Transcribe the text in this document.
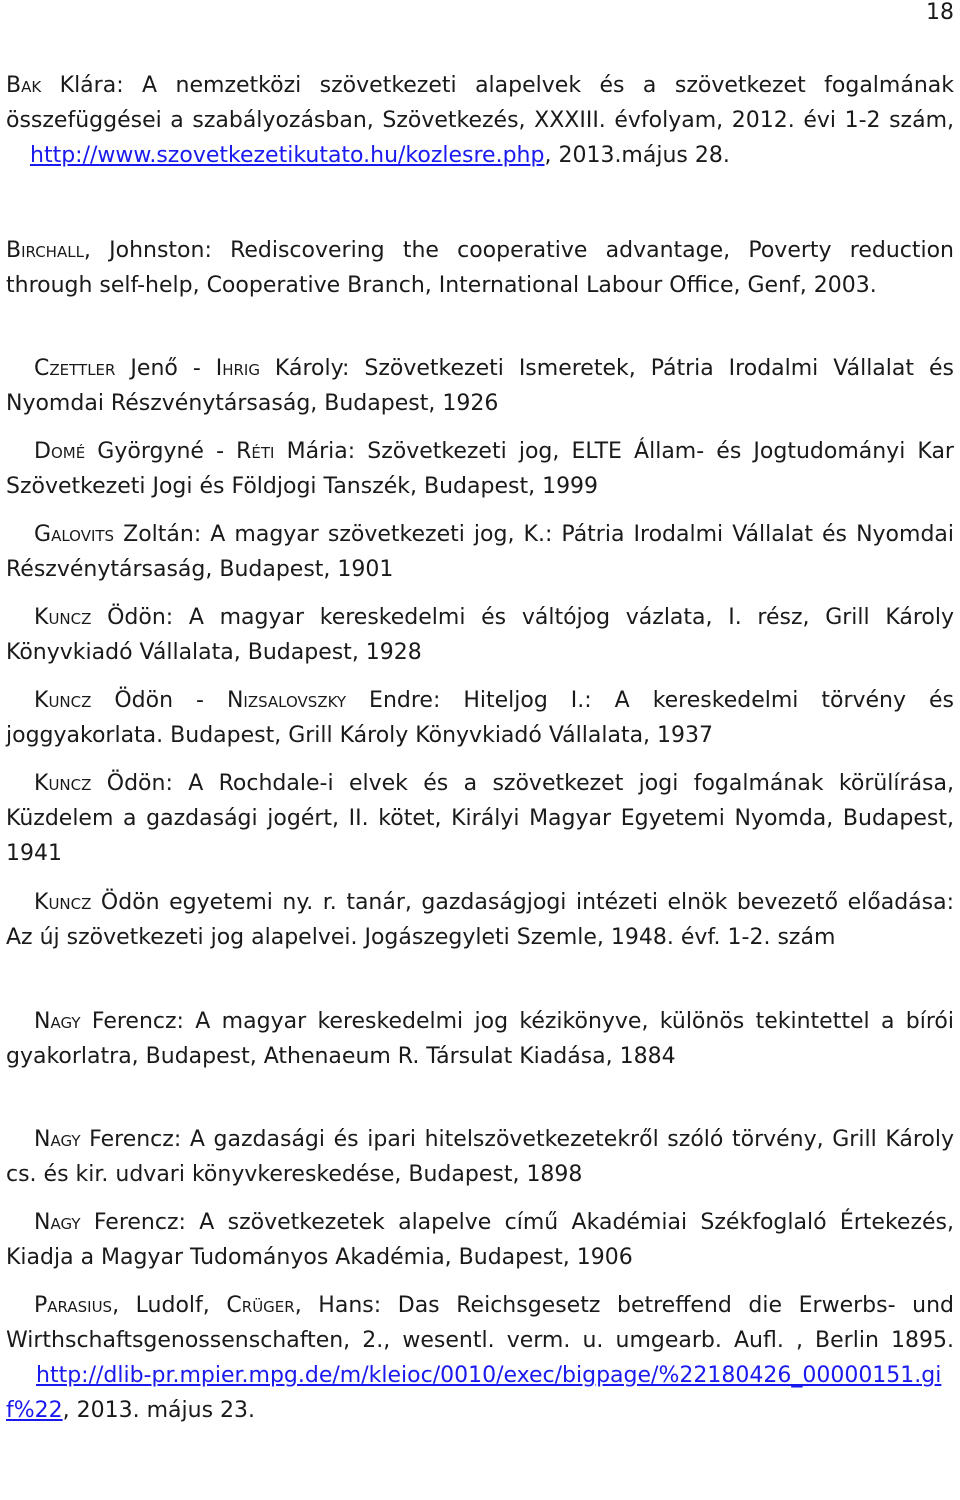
18

Bak Klára: A nemzetközi szövetkezeti alapelvek és a szövetkezet fogalmának összefüggései a szabályozásban, Szövetkezés, XXXIII. évfolyam, 2012. évi 1-2 szám, http://www.szovetkezetikutato.hu/kozlesre.php, 2013.május 28.

Birchall, Johnston: Rediscovering the cooperative advantage, Poverty reduction through self-help, Cooperative Branch, International Labour Office, Genf, 2003.

Czettler Jenő - Ihrig Károly: Szövetkezeti Ismeretek, Pátria Irodalmi Vállalat és Nyomdai Részvénytársaság, Budapest, 1926

Domé Györgyné - Réti Mária: Szövetkezeti jog, ELTE Állam- és Jogtudományi Kar Szövetkezeti Jogi és Földjogi Tanszék, Budapest, 1999

Galovits Zoltán: A magyar szövetkezeti jog, K.: Pátria Irodalmi Vállalat és Nyomdai Részvénytársaság, Budapest, 1901

Kuncz Ödön: A magyar kereskedelmi és váltójog vázlata, I. rész, Grill Károly Könyvkiadó Vállalata, Budapest, 1928

Kuncz Ödön - Nizsalovszky Endre: Hiteljog I.: A kereskedelmi törvény és joggyakorlata. Budapest, Grill Károly Könyvkiadó Vállalata, 1937

Kuncz Ödön: A Rochdale-i elvek és a szövetkezet jogi fogalmának körülírása, Küzdelem a gazdasági jogért, II. kötet, Királyi Magyar Egyetemi Nyomda, Budapest, 1941

Kuncz Ödön egyetemi ny. r. tanár, gazdaságjogi intézeti elnök bevezető előadása: Az új szövetkezeti jog alapelvei. Jogászegyleti Szemle, 1948. évf. 1-2. szám

Nagy Ferencz: A magyar kereskedelmi jog kézikönyve, különös tekintettel a bírói gyakorlatra, Budapest, Athenaeum R. Társulat Kiadása, 1884

Nagy Ferencz: A gazdasági és ipari hitelszövetkezetekről szóló törvény, Grill Károly cs. és kir. udvari könyvkereskedése, Budapest, 1898

Nagy Ferencz: A szövetkezetek alapelve című Akadémiai Székfoglaló Értekezés, Kiadja a Magyar Tudományos Akadémia, Budapest, 1906

Parasius, Ludolf, Crüger, Hans: Das Reichsgesetz betreffend die Erwerbs- und Wirthschaftsgenossenschaften, 2., wesentl. verm. u. umgearb. Aufl. , Berlin 1895. http://dlib-pr.mpier.mpg.de/m/kleioc/0010/exec/bigpage/%22180426_00000151.gif%22, 2013. május 23.
